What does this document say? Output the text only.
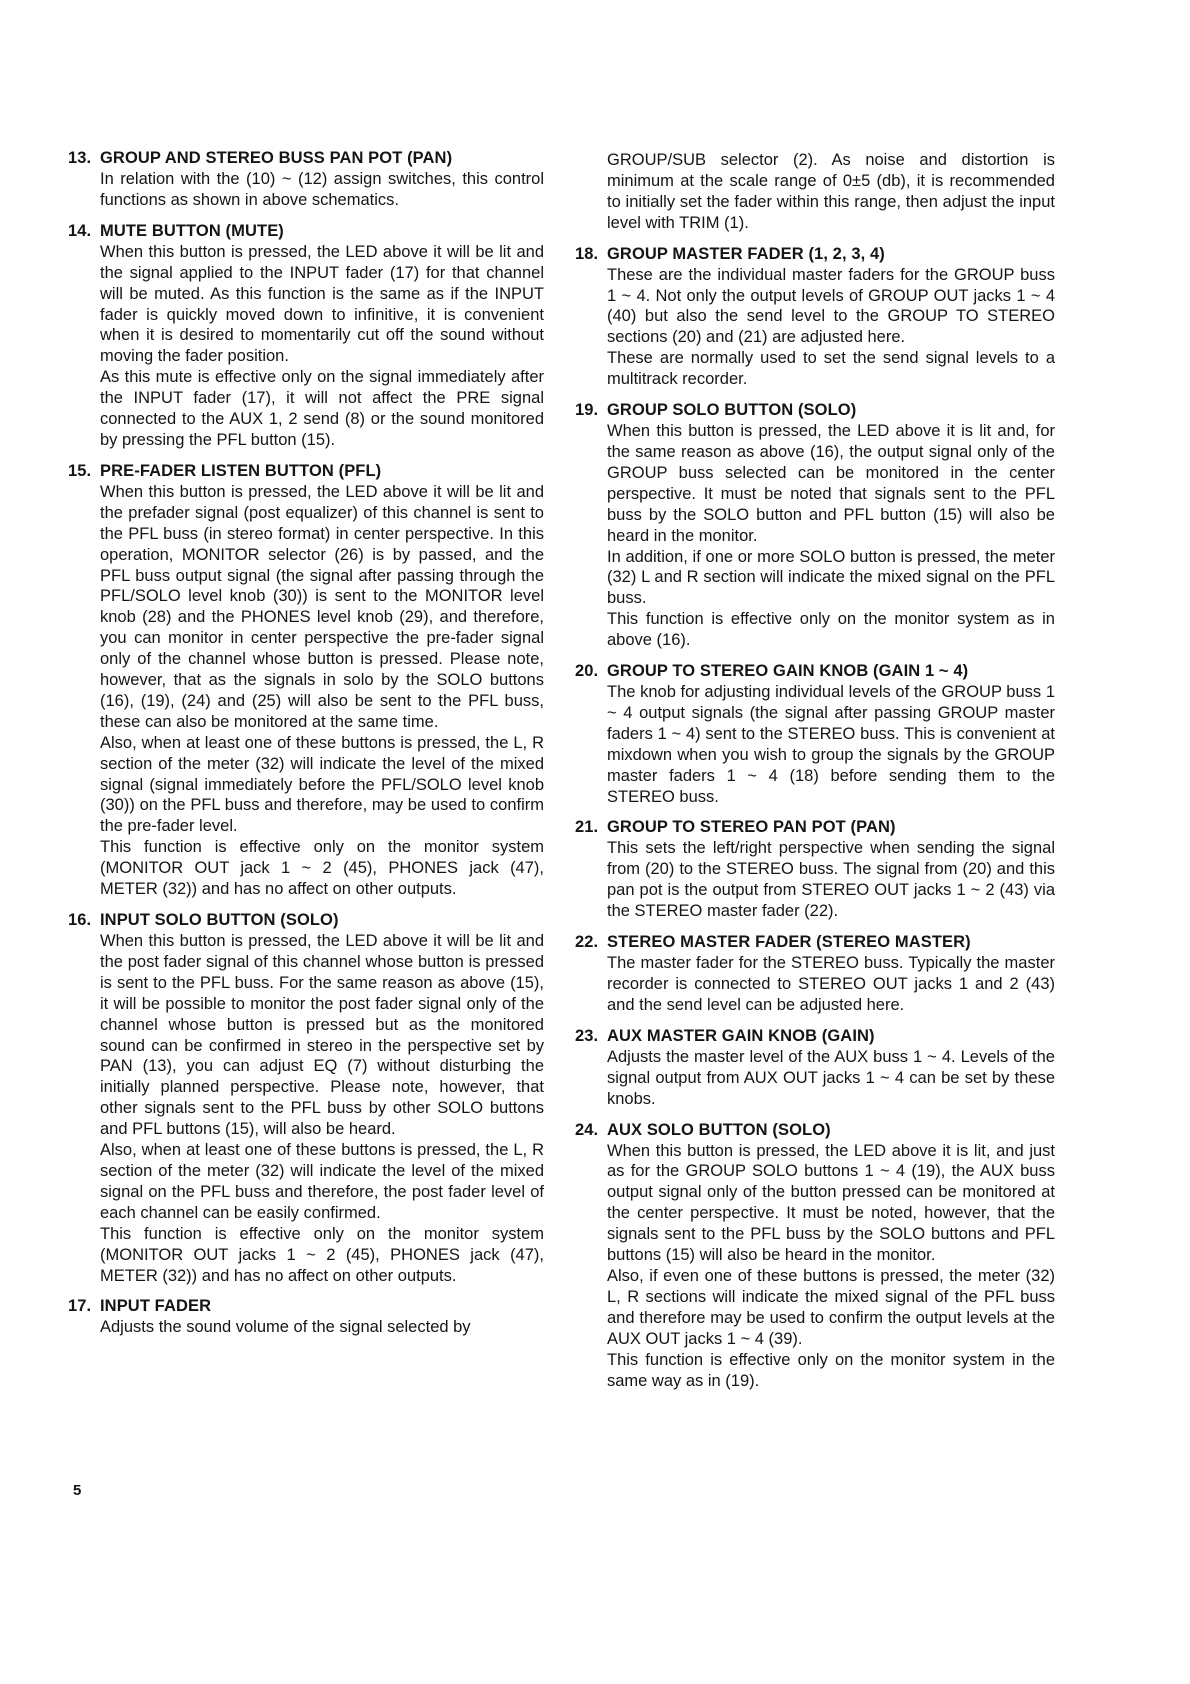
13. GROUP AND STEREO BUSS PAN POT (PAN)
In relation with the (10) ~ (12) assign switches, this control functions as shown in above schematics.
14. MUTE BUTTON (MUTE)
When this button is pressed, the LED above it will be lit and the signal applied to the INPUT fader (17) for that channel will be muted. As this function is the same as if the INPUT fader is quickly moved down to infinitive, it is convenient when it is desired to momentarily cut off the sound without moving the fader position.
As this mute is effective only on the signal immediately after the INPUT fader (17), it will not affect the PRE signal connected to the AUX 1, 2 send (8) or the sound monitored by pressing the PFL button (15).
15. PRE-FADER LISTEN BUTTON (PFL)
When this button is pressed, the LED above it will be lit and the prefader signal (post equalizer) of this channel is sent to the PFL buss (in stereo format) in center perspective. In this operation, MONITOR selector (26) is by passed, and the PFL buss output signal (the signal after passing through the PFL/SOLO level knob (30)) is sent to the MONITOR level knob (28) and the PHONES level knob (29), and therefore, you can monitor in center perspective the pre-fader signal only of the channel whose button is pressed. Please note, however, that as the signals in solo by the SOLO buttons (16), (19), (24) and (25) will also be sent to the PFL buss, these can also be monitored at the same time.
Also, when at least one of these buttons is pressed, the L, R section of the meter (32) will indicate the level of the mixed signal (signal immediately before the PFL/SOLO level knob (30)) on the PFL buss and therefore, may be used to confirm the pre-fader level.
This function is effective only on the monitor system (MONITOR OUT jack 1 ~ 2 (45), PHONES jack (47), METER (32)) and has no affect on other outputs.
16. INPUT SOLO BUTTON (SOLO)
When this button is pressed, the LED above it will be lit and the post fader signal of this channel whose button is pressed is sent to the PFL buss. For the same reason as above (15), it will be possible to monitor the post fader signal only of the channel whose button is pressed but as the monitored sound can be confirmed in stereo in the perspective set by PAN (13), you can adjust EQ (7) without disturbing the initially planned perspective. Please note, however, that other signals sent to the PFL buss by other SOLO buttons and PFL buttons (15), will also be heard.
Also, when at least one of these buttons is pressed, the L, R section of the meter (32) will indicate the level of the mixed signal on the PFL buss and therefore, the post fader level of each channel can be easily confirmed.
This function is effective only on the monitor system (MONITOR OUT jacks 1 ~ 2 (45), PHONES jack (47), METER (32)) and has no affect on other outputs.
17. INPUT FADER
Adjusts the sound volume of the signal selected by
GROUP/SUB selector (2). As noise and distortion is minimum at the scale range of 0±5 (db), it is recommended to initially set the fader within this range, then adjust the input level with TRIM (1).
18. GROUP MASTER FADER (1, 2, 3, 4)
These are the individual master faders for the GROUP buss 1 ~ 4. Not only the output levels of GROUP OUT jacks 1 ~ 4 (40) but also the send level to the GROUP TO STEREO sections (20) and (21) are adjusted here.
These are normally used to set the send signal levels to a multitrack recorder.
19. GROUP SOLO BUTTON (SOLO)
When this button is pressed, the LED above it is lit and, for the same reason as above (16), the output signal only of the GROUP buss selected can be monitored in the center perspective. It must be noted that signals sent to the PFL buss by the SOLO button and PFL button (15) will also be heard in the monitor.
In addition, if one or more SOLO button is pressed, the meter (32) L and R section will indicate the mixed signal on the PFL buss.
This function is effective only on the monitor system as in above (16).
20. GROUP TO STEREO GAIN KNOB (GAIN 1 ~ 4)
The knob for adjusting individual levels of the GROUP buss 1 ~ 4 output signals (the signal after passing GROUP master faders 1 ~ 4) sent to the STEREO buss. This is convenient at mixdown when you wish to group the signals by the GROUP master faders 1 ~ 4 (18) before sending them to the STEREO buss.
21. GROUP TO STEREO PAN POT (PAN)
This sets the left/right perspective when sending the signal from (20) to the STEREO buss. The signal from (20) and this pan pot is the output from STEREO OUT jacks 1 ~ 2 (43) via the STEREO master fader (22).
22. STEREO MASTER FADER (STEREO MASTER)
The master fader for the STEREO buss. Typically the master recorder is connected to STEREO OUT jacks 1 and 2 (43) and the send level can be adjusted here.
23. AUX MASTER GAIN KNOB (GAIN)
Adjusts the master level of the AUX buss 1 ~ 4. Levels of the signal output from AUX OUT jacks 1 ~ 4 can be set by these knobs.
24. AUX SOLO BUTTON (SOLO)
When this button is pressed, the LED above it is lit, and just as for the GROUP SOLO buttons 1 ~ 4 (19), the AUX buss output signal only of the button pressed can be monitored at the center perspective. It must be noted, however, that the signals sent to the PFL buss by the SOLO buttons and PFL buttons (15) will also be heard in the monitor.
Also, if even one of these buttons is pressed, the meter (32) L, R sections will indicate the mixed signal of the PFL buss and therefore may be used to confirm the output levels at the AUX OUT jacks 1 ~ 4 (39).
This function is effective only on the monitor system in the same way as in (19).
5
